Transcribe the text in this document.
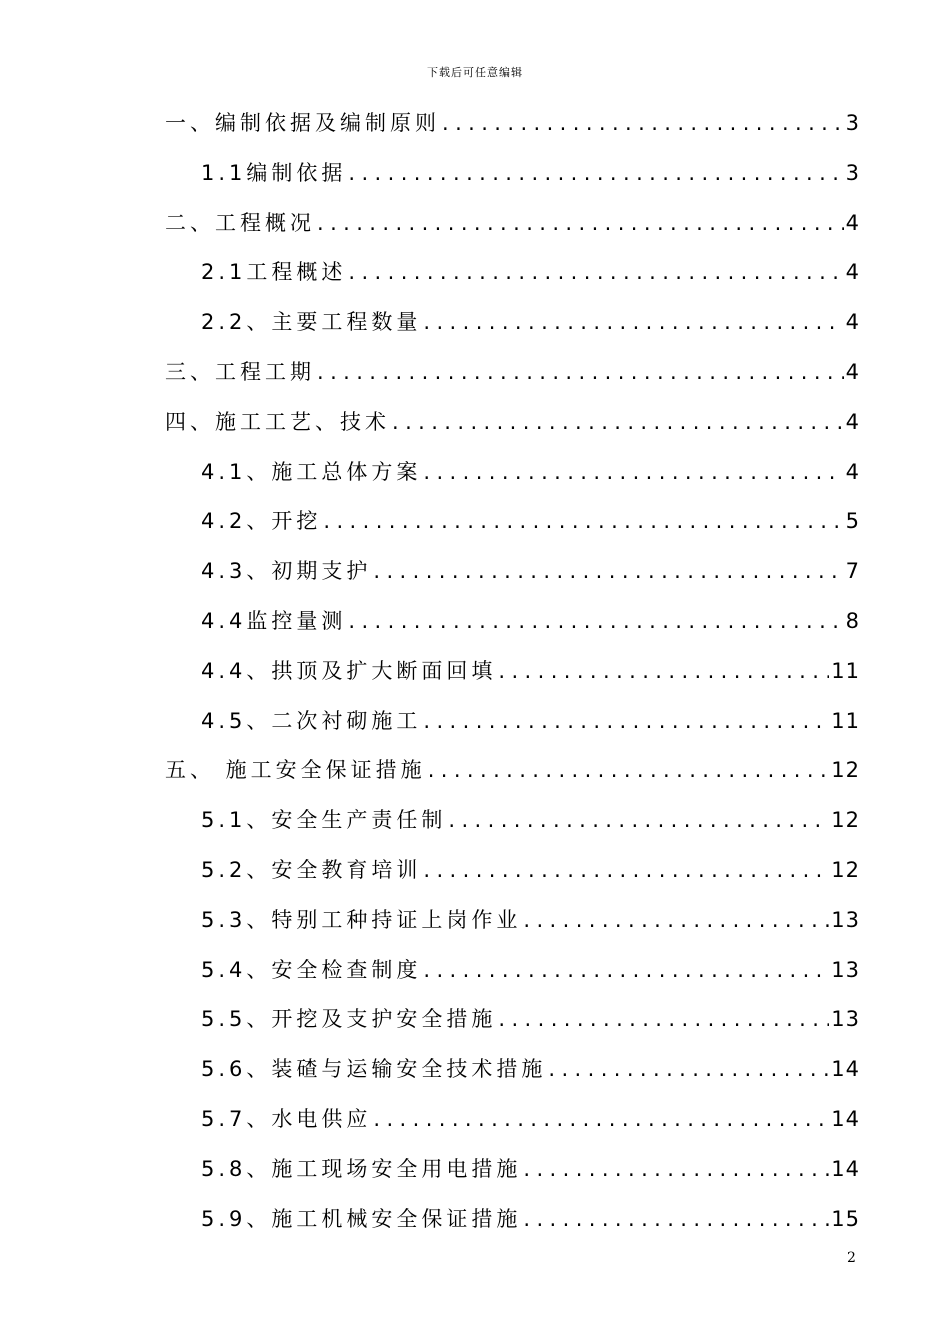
下载后可任意编辑
一、编制依据及编制原则 .....	3
1.1编制依据 .....	3
二、工程概况 .....	4
2.1工程概述 .....	4
2.2、主要工程数量 .....	4
三、工程工期 .....	4
四、施工工艺、技术 .....	4
4.1、施工总体方案 .....	4
4.2、开挖 .....	5
4.3、初期支护 .....	7
4.4监控量测 .....	8
4.4、拱顶及扩大断面回填 .....	11
4.5、二次衬砌施工 .....	11
五、 施工安全保证措施 .....	12
5.1、安全生产责任制 .....	12
5.2、安全教育培训 .....	12
5.3、特别工种持证上岗作业 .....	13
5.4、安全检查制度 .....	13
5.5、开挖及支护安全措施 .....	13
5.6、装碴与运输安全技术措施 .....	14
5.7、水电供应 .....	14
5.8、施工现场安全用电措施 .....	14
5.9、施工机械安全保证措施 .....	15
2
